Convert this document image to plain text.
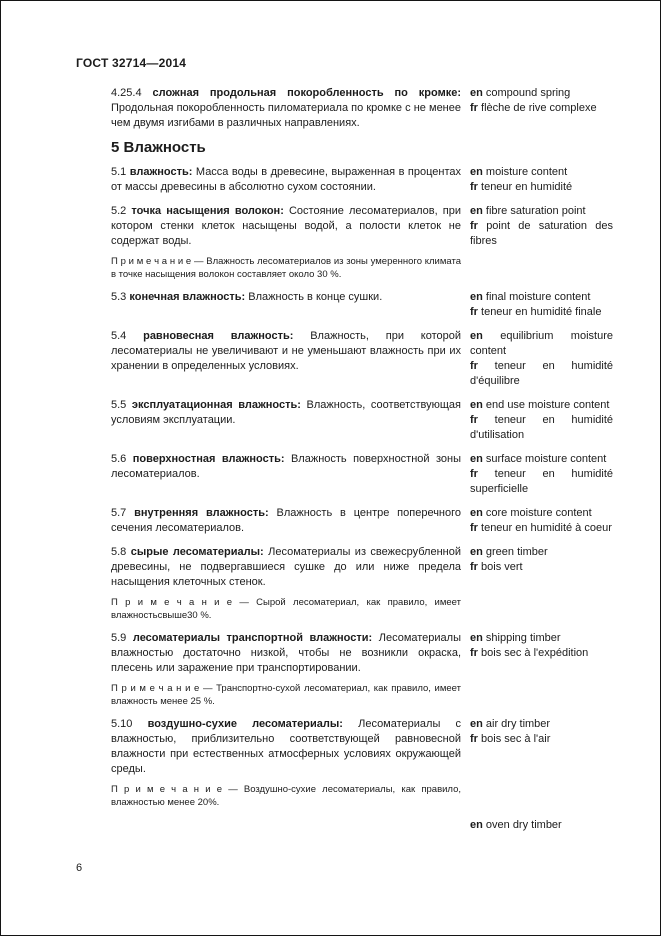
ГОСТ 32714—2014

4.25.4 сложная продольная покоробленность по кромке: Продольная покоробленность пиломатериала по кромке с не менее чем двумя изгибами в различных направлениях.

en compound spring

fr flèche de rive complexe

5 Влажность

5.1 влажность: Масса воды в древесине, выраженная в процентах от массы древесины в абсолютно сухом состоянии.

en moisture content

fr teneur en humidité

5.2 точка насыщения волокон: Состояние лесоматериалов, при котором стенки клеток насыщены водой, а полости клеток не содержат воды.

П р и м е ч а н и е — Влажность лесоматериалов из зоны умеренного климата в точке насыщения волокон составляет около 30 %.

en fibre saturation point

fr point de saturation des fibres

5.3 конечная влажность: Влажность в конце сушки.	en final moisture content

fr teneur en humidité finale

5.4 равновесная влажность: Влажность, при которой лесоматериалы не увеличивают и не уменьшают влажность при их хранении в определенных условиях.

en equilibrium moisture content

fr teneur en humidité d'équilibre

5.5 эксплуатационная влажность: Влажность, соответствующая условиям эксплуатации.

en end use moisture content

fr teneur en humidité d'utilisation

5.6 поверхностная влажность: Влажность поверхностной зоны лесоматериалов.

en surface moisture content

fr teneur en humidité superficielle

5.7 внутренняя влажность: Влажность в центре поперечного сечения лесоматериалов.

en core moisture content

fr teneur en humidité à coeur

5.8 сырые лесоматериалы: Лесоматериалы из свежесрубленной древесины, не подвергавшиеся сушке до или ниже предела насыщения клеточных стенок.

П р и м е ч а н и е — Сырой лесоматериал, как правило, имеет влажностьсвыше30 %.

en green timber

fr bois vert

5.9 лесоматериалы транспортной влажности: Лесоматериалы влажностью достаточно низкой, чтобы не возникли окраска, плесень или заражение при транспортировании.

П р и м е ч а н и е — Транспортно-сухой лесоматериал, как правило, имеет влажность менее 25 %.

en shipping timber

fr bois sec à l'expédition

5.10 воздушно-сухие лесоматериалы: Лесоматериалы с влажностью, приблизительно соответствующей равновесной влажности при естественных атмосферных условиях окружающей среды.

П р и м е ч а н и е — Воздушно-сухие лесоматериалы, как правило, влажностью менее 20%.

en air dry timber

fr bois sec à l'air

en oven dry timber

6
